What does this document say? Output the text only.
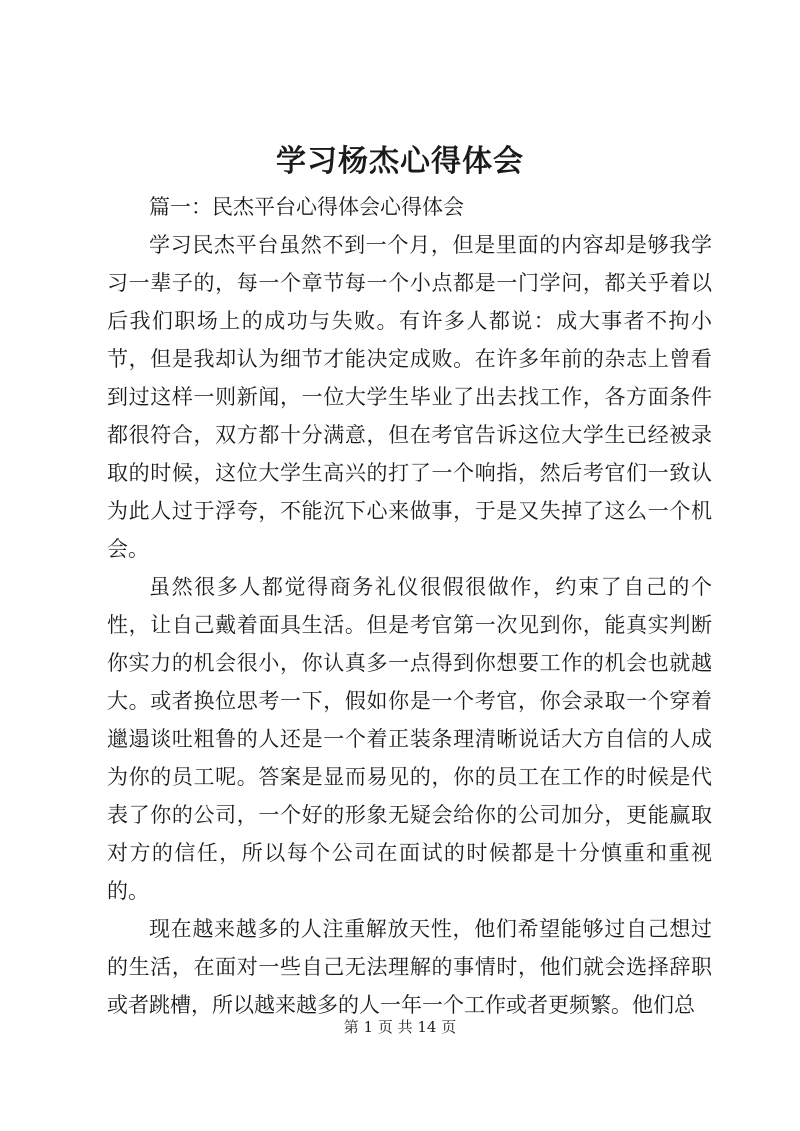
学习杨杰心得体会

篇一：民杰平台心得体会心得体会

学习民杰平台虽然不到一个月，但是里面的内容却是够我学习一辈子的，每一个章节每一个小点都是一门学问，都关乎着以后我们职场上的成功与失败。有许多人都说：成大事者不拘小节，但是我却认为细节才能决定成败。在许多年前的杂志上曾看到过这样一则新闻，一位大学生毕业了出去找工作，各方面条件都很符合，双方都十分满意，但在考官告诉这位大学生已经被录取的时候，这位大学生高兴的打了一个响指，然后考官们一致认为此人过于浮夸，不能沉下心来做事，于是又失掉了这么一个机会。

虽然很多人都觉得商务礼仪很假很做作，约束了自己的个性，让自己戴着面具生活。但是考官第一次见到你，能真实判断你实力的机会很小，你认真多一点得到你想要工作的机会也就越大。或者换位思考一下，假如你是一个考官，你会录取一个穿着邋遢谈吐粗鲁的人还是一个着正装条理清晰说话大方自信的人成为你的员工呢。答案是显而易见的，你的员工在工作的时候是代表了你的公司，一个好的形象无疑会给你的公司加分，更能赢取对方的信任，所以每个公司在面试的时候都是十分慎重和重视的。

现在越来越多的人注重解放天性，他们希望能够过自己想过的生活，在面对一些自己无法理解的事情时，他们就会选择辞职或者跳槽，所以越来越多的人一年一个工作或者更频繁。他们总

第 1 页 共 14 页
